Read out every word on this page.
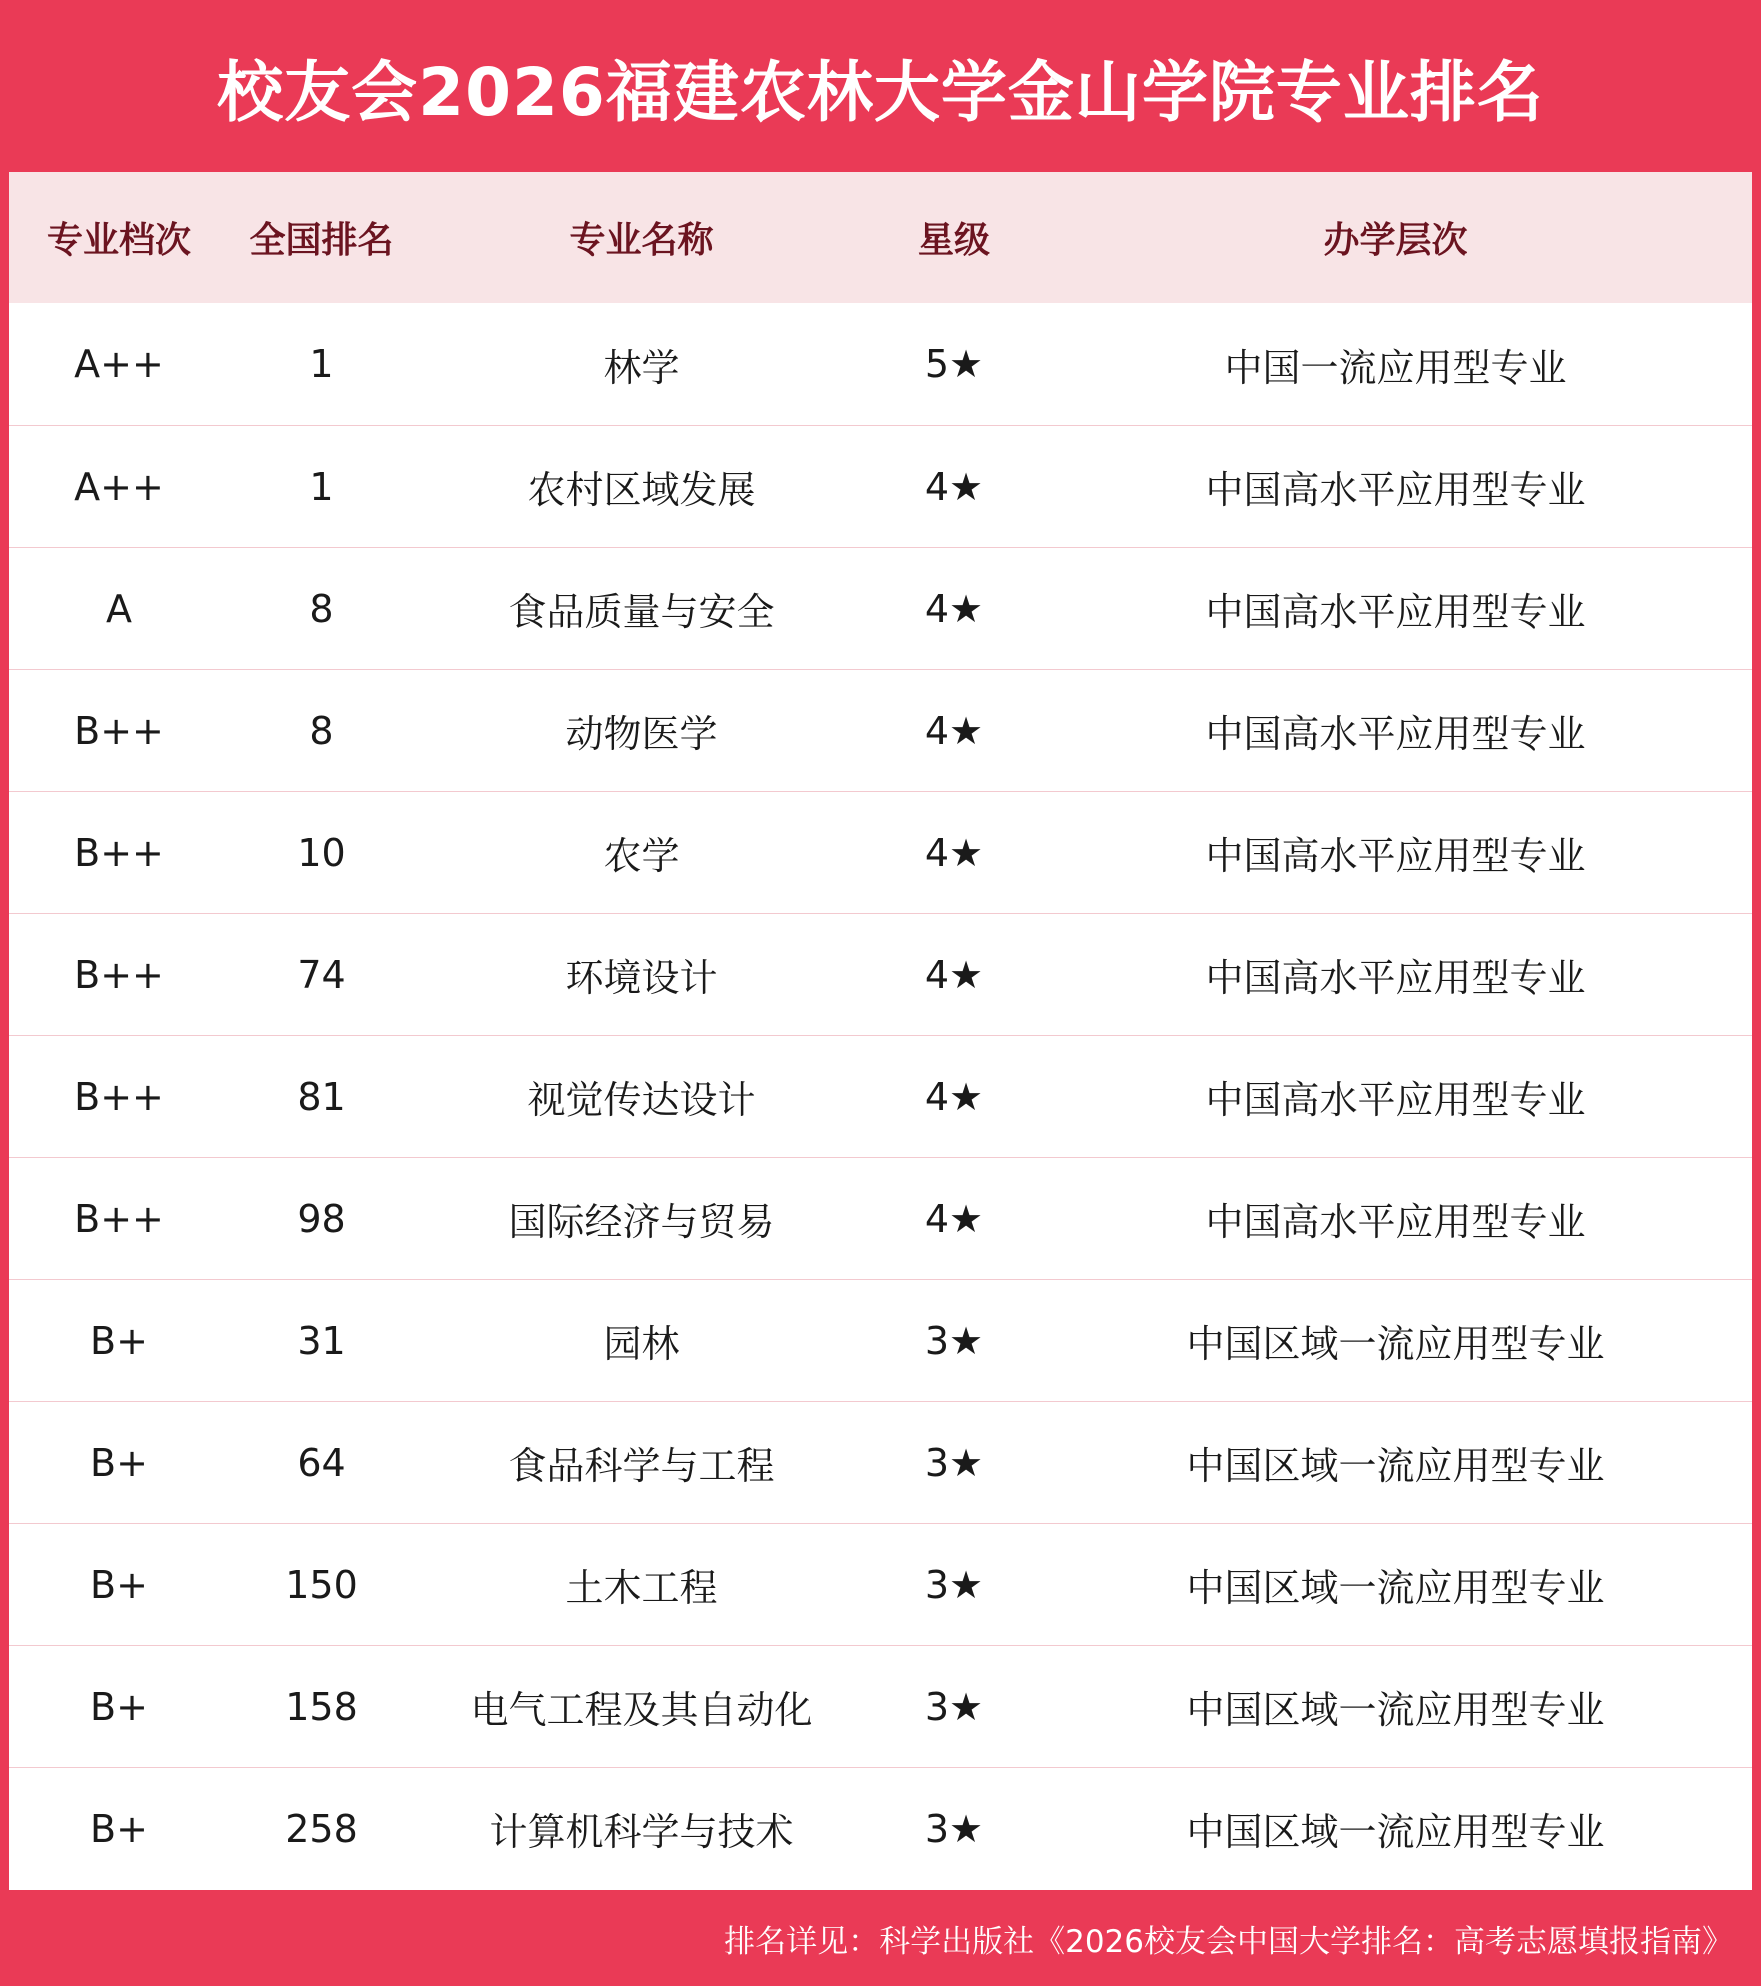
校友会2026福建农林大学金山学院专业排名
专业档次	全国排名	专业名称	星级	办学层次
A++	1	林学	5★	中国一流应用型专业
A++	1	农村区域发展	4★	中国高水平应用型专业
A	8	食品质量与安全	4★	中国高水平应用型专业
B++	8	动物医学	4★	中国高水平应用型专业
B++	10	农学	4★	中国高水平应用型专业
B++	74	环境设计	4★	中国高水平应用型专业
B++	81	视觉传达设计	4★	中国高水平应用型专业
B++	98	国际经济与贸易	4★	中国高水平应用型专业
B+	31	园林	3★	中国区域一流应用型专业
B+	64	食品科学与工程	3★	中国区域一流应用型专业
B+	150	土木工程	3★	中国区域一流应用型专业
B+	158	电气工程及其自动化	3★	中国区域一流应用型专业
B+	258	计算机科学与技术	3★	中国区域一流应用型专业
排名详见：科学出版社《2026校友会中国大学排名：高考志愿填报指南》
